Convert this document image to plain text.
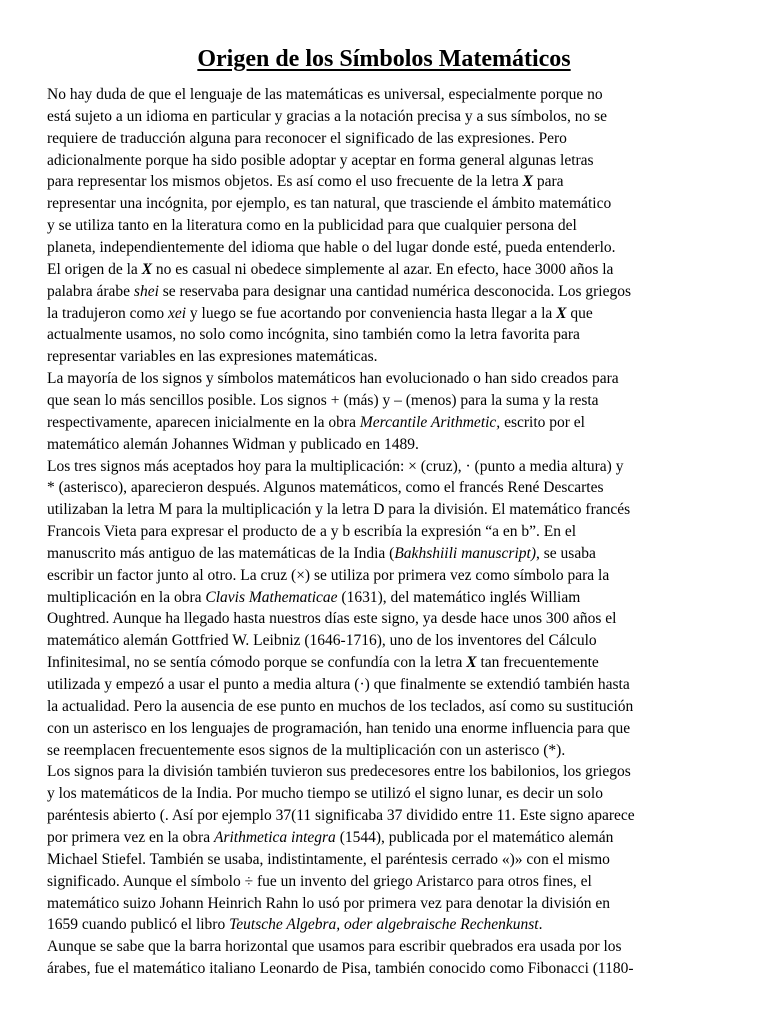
Origen de los Símbolos Matemáticos
No hay duda de que el lenguaje de las matemáticas es universal, especialmente porque no
está sujeto a un idioma en particular y gracias a la notación precisa y a sus símbolos, no se
requiere de traducción alguna para reconocer el significado de las expresiones. Pero
adicionalmente porque ha sido posible adoptar y aceptar en forma general algunas letras
para representar los mismos objetos. Es así como el uso frecuente de la letra X para
representar una incógnita, por ejemplo, es tan natural, que trasciende el ámbito matemático
y se utiliza tanto en la literatura como en la publicidad para que cualquier persona del
planeta, independientemente del idioma que hable o del lugar donde esté, pueda entenderlo.
El origen de la X no es casual ni obedece simplemente al azar. En efecto, hace 3000 años la
palabra árabe shei se reservaba para designar una cantidad numérica desconocida. Los griegos
la tradujeron como xei y luego se fue acortando por conveniencia hasta llegar a la X que
actualmente usamos, no solo como incógnita, sino también como la letra favorita para
representar variables en las expresiones matemáticas.
La mayoría de los signos y símbolos matemáticos han evolucionado o han sido creados para
que sean lo más sencillos posible. Los signos + (más) y – (menos) para la suma y la resta
respectivamente, aparecen inicialmente en la obra Mercantile Arithmetic, escrito por el
matemático alemán Johannes Widman y publicado en 1489.
Los tres signos más aceptados hoy para la multiplicación: × (cruz), · (punto a media altura) y
* (asterisco), aparecieron después. Algunos matemáticos, como el francés René Descartes
utilizaban la letra M para la multiplicación y la letra D para la división. El matemático francés
Francois Vieta para expresar el producto de a y b escribía la expresión “a en b”. En el
manuscrito más antiguo de las matemáticas de la India (Bakhshiili manuscript), se usaba
escribir un factor junto al otro. La cruz (×) se utiliza por primera vez como símbolo para la
multiplicación en la obra Clavis Mathematicae (1631), del matemático inglés William
Oughtred. Aunque ha llegado hasta nuestros días este signo, ya desde hace unos 300 años el
matemático alemán Gottfried W. Leibniz (1646-1716), uno de los inventores del Cálculo
Infinitesimal, no se sentía cómodo porque se confundía con la letra X tan frecuentemente
utilizada y empezó a usar el punto a media altura (·) que finalmente se extendió también hasta
la actualidad. Pero la ausencia de ese punto en muchos de los teclados, así como su sustitución
con un asterisco en los lenguajes de programación, han tenido una enorme influencia para que
se reemplacen frecuentemente esos signos de la multiplicación con un asterisco (*).
Los signos para la división también tuvieron sus predecesores entre los babilonios, los griegos
y los matemáticos de la India. Por mucho tiempo se utilizó el signo lunar, es decir un solo
paréntesis abierto (. Así por ejemplo 37(11 significaba 37 dividido entre 11. Este signo aparece
por primera vez en la obra Arithmetica integra (1544), publicada por el matemático alemán
Michael Stiefel. También se usaba, indistintamente, el paréntesis cerrado «)» con el mismo
significado. Aunque el símbolo ÷ fue un invento del griego Aristarco para otros fines, el
matemático suizo Johann Heinrich Rahn lo usó por primera vez para denotar la división en
1659 cuando publicó el libro Teutsche Algebra, oder algebraische Rechenkunst.
Aunque se sabe que la barra horizontal que usamos para escribir quebrados era usada por los
árabes, fue el matemático italiano Leonardo de Pisa, también conocido como Fibonacci (1180-
